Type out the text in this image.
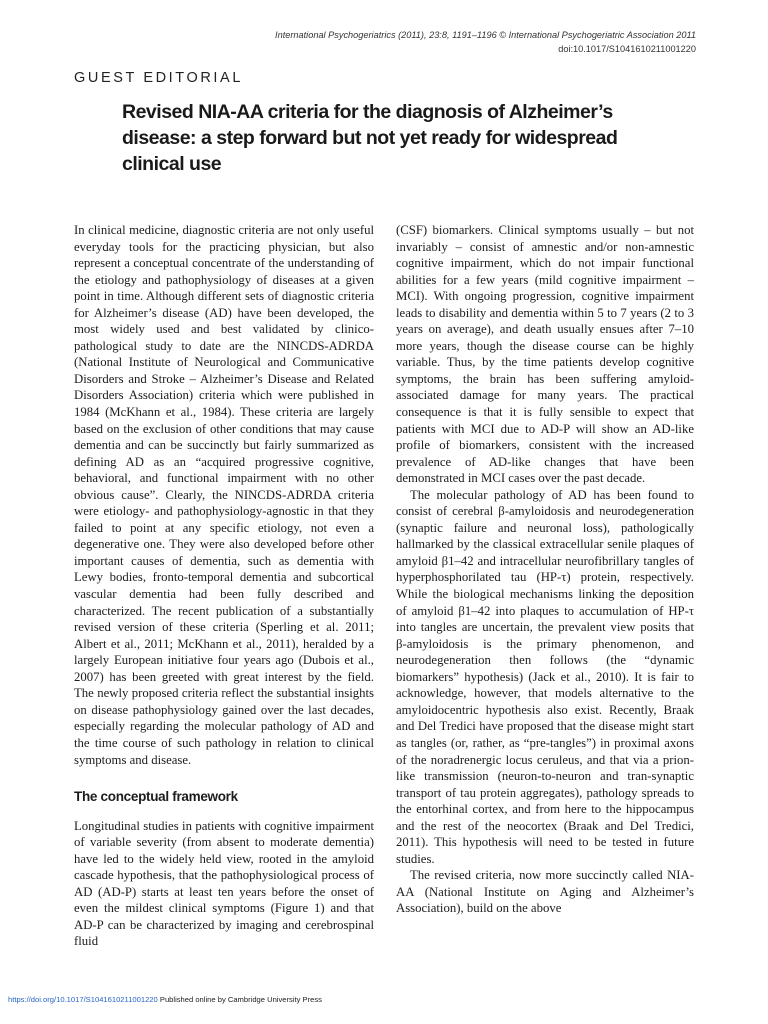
International Psychogeriatrics (2011), 23:8, 1191–1196 © International Psychogeriatric Association 2011
doi:10.1017/S1041610211001220
GUEST EDITORIAL
Revised NIA-AA criteria for the diagnosis of Alzheimer’s disease: a step forward but not yet ready for widespread clinical use

In clinical medicine, diagnostic criteria are not only useful everyday tools for the practicing physician, but also represent a conceptual concentrate of the understanding of the etiology and pathophysiology of diseases at a given point in time. Although different sets of diagnostic criteria for Alzheimer’s disease (AD) have been developed, the most widely used and best validated by clinico-pathological study to date are the NINCDS-ADRDA (National Institute of Neurological and Communicative Disorders and Stroke – Alzheimer’s Disease and Related Disorders Association) criteria which were published in 1984 (McKhann et al., 1984). These criteria are largely based on the exclusion of other conditions that may cause dementia and can be succinctly but fairly summarized as defining AD as an “acquired progressive cognitive, behavioral, and functional impairment with no other obvious cause”. Clearly, the NINCDS-ADRDA criteria were etiology- and pathophysiology-agnostic in that they failed to point at any specific etiology, not even a degenerative one. They were also developed before other important causes of dementia, such as dementia with Lewy bodies, fronto-temporal dementia and subcortical vascular dementia had been fully described and characterized. The recent publication of a substantially revised version of these criteria (Sperling et al. 2011; Albert et al., 2011; McKhann et al., 2011), heralded by a largely European initiative four years ago (Dubois et al., 2007) has been greeted with great interest by the field. The newly proposed criteria reflect the substantial insights on disease pathophysiology gained over the last decades, especially regarding the molecular pathology of AD and the time course of such pathology in relation to clinical symptoms and disease.

The conceptual framework

Longitudinal studies in patients with cognitive impairment of variable severity (from absent to moderate dementia) have led to the widely held view, rooted in the amyloid cascade hypothesis, that the pathophysiological process of AD (AD-P) starts at least ten years before the onset of even the mildest clinical symptoms (Figure 1) and that AD-P can be characterized by imaging and cerebrospinal fluid

(CSF) biomarkers. Clinical symptoms usually – but not invariably – consist of amnestic and/or non-amnestic cognitive impairment, which do not impair functional abilities for a few years (mild cognitive impairment – MCI). With ongoing progression, cognitive impairment leads to disability and dementia within 5 to 7 years (2 to 3 years on average), and death usually ensues after 7–10 more years, though the disease course can be highly variable. Thus, by the time patients develop cognitive symptoms, the brain has been suffering amyloid-associated damage for many years. The practical consequence is that it is fully sensible to expect that patients with MCI due to AD-P will show an AD-like profile of biomarkers, consistent with the increased prevalence of AD-like changes that have been demonstrated in MCI cases over the past decade.

The molecular pathology of AD has been found to consist of cerebral β-amyloidosis and neurodegeneration (synaptic failure and neuronal loss), pathologically hallmarked by the classical extracellular senile plaques of amyloid β1–42 and intracellular neurofibrillary tangles of hyperphosphorilated tau (HP-τ) protein, respectively. While the biological mechanisms linking the deposition of amyloid β1–42 into plaques to accumulation of HP-τ into tangles are uncertain, the prevalent view posits that β-amyloidosis is the primary phenomenon, and neurodegeneration then follows (the “dynamic biomarkers” hypothesis) (Jack et al., 2010). It is fair to acknowledge, however, that models alternative to the amyloidocentric hypothesis also exist. Recently, Braak and Del Tredici have proposed that the disease might start as tangles (or, rather, as “pre-tangles”) in proximal axons of the noradrenergic locus ceruleus, and that via a prion-like transmission (neuron-to-neuron and tran-synaptic transport of tau protein aggregates), pathology spreads to the entorhinal cortex, and from here to the hippocampus and the rest of the neocortex (Braak and Del Tredici, 2011). This hypothesis will need to be tested in future studies.

The revised criteria, now more succinctly called NIA-AA (National Institute on Aging and Alzheimer’s Association), build on the above

https://doi.org/10.1017/S1041610211001220 Published online by Cambridge University Press
